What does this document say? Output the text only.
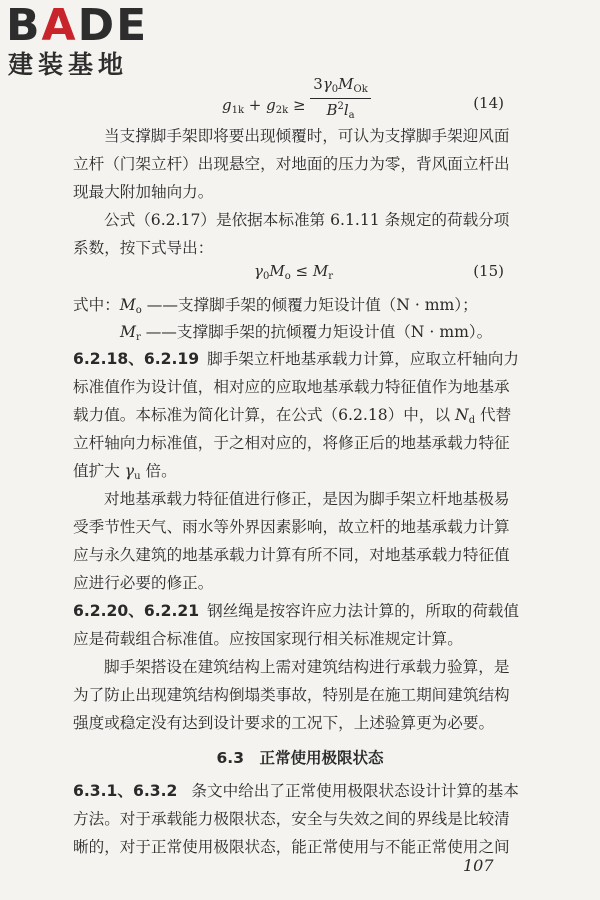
BADE
建装基地
$g_{1k} + g_{2k} \ge \frac{3\gamma_0M_{Ok}}{B^2l_a}$	(14)
当支撑脚手架即将要出现倾覆时，可认为支撑脚手架迎风面
立杆（门架立杆）出现悬空，对地面的压力为零，背风面立杆出
现最大附加轴向力。
公式（6.2.17）是依据本标准第 6.1.11 条规定的荷载分项
系数，按下式导出：
$\gamma_0M_o \le M_r$	(15)
式中：$M_o$ ——支撑脚手架的倾覆力矩设计值（N · mm）；
$M_r$ ——支撑脚手架的抗倾覆力矩设计值（N · mm）。
6.2.18、6.2.19 脚手架立杆地基承载力计算，应取立杆轴向力
标准值作为设计值，相对应的应取地基承载力特征值作为地基承
载力值。本标准为简化计算，在公式（6.2.18）中，以 $N_d$ 代替
立杆轴向力标准值，于之相对应的，将修正后的地基承载力特征
值扩大 $\gamma_u$ 倍。
对地基承载力特征值进行修正，是因为脚手架立杆地基极易
受季节性天气、雨水等外界因素影响，故立杆的地基承载力计算
应与永久建筑的地基承载力计算有所不同，对地基承载力特征值
应进行必要的修正。
6.2.20、6.2.21 钢丝绳是按容许应力法计算的，所取的荷载值
应是荷载组合标准值。应按国家现行相关标准规定计算。
脚手架搭设在建筑结构上需对建筑结构进行承载力验算，是
为了防止出现建筑结构倒塌类事故，特别是在施工期间建筑结构
强度或稳定没有达到设计要求的工况下，上述验算更为必要。
6.3　正常使用极限状态
6.3.1、6.3.2 条文中给出了正常使用极限状态设计计算的基本
方法。对于承载能力极限状态，安全与失效之间的界线是比较清
晰的，对于正常使用极限状态，能正常使用与不能正常使用之间
107
